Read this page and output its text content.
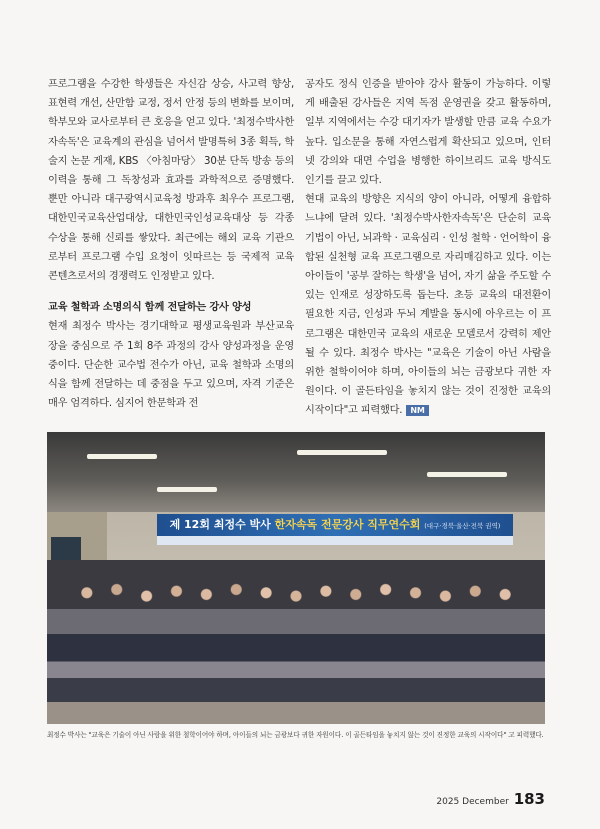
프로그램을 수강한 학생들은 자신감 상승, 사고력 향상, 표현력 개선, 산만함 교정, 정서 안정 등의 변화를 보이며, 학부모와 교사로부터 큰 호응을 얻고 있다. '최정수박사한자속독'은 교육계의 관심을 넘어서 발명특허 3종 획득, 학술지 논문 게재, KBS 〈아침마당〉 30분 단독 방송 등의 이력을 통해 그 독창성과 효과를 과학적으로 증명했다. 뿐만 아니라 대구광역시교육청 방과후 최우수 프로그램, 대한민국교육산업대상, 대한민국인성교육대상 등 각종 수상을 통해 신뢰를 쌓았다. 최근에는 해외 교육 기관으로부터 프로그램 수입 요청이 잇따르는 등 국제적 교육 콘텐츠로서의 경쟁력도 인정받고 있다.

교육 철학과 소명의식 함께 전달하는 강사 양성

현재 최정수 박사는 경기대학교 평생교육원과 부산교육장을 중심으로 주 1회 8주 과정의 강사 양성과정을 운영 중이다. 단순한 교수법 전수가 아닌, 교육 철학과 소명의식을 함께 전달하는 데 중점을 두고 있으며, 자격 기준은 매우 엄격하다. 심지어 한문학과 전

공자도 정식 인증을 받아야 강사 활동이 가능하다. 이렇게 배출된 강사들은 지역 독점 운영권을 갖고 활동하며, 일부 지역에서는 수강 대기자가 발생할 만큼 교육 수요가 높다. 입소문을 통해 자연스럽게 확산되고 있으며, 인터넷 강의와 대면 수업을 병행한 하이브리드 교육 방식도 인기를 끌고 있다.

현대 교육의 방향은 지식의 양이 아니라, 어떻게 융합하느냐에 달려 있다. '최정수박사한자속독'은 단순히 교육 기법이 아닌, 뇌과학 · 교육심리 · 인성 철학 · 언어학이 융합된 실천형 교육 프로그램으로 자리매김하고 있다. 이는 아이들이 '공부 잘하는 학생'을 넘어, 자기 삶을 주도할 수 있는 인재로 성장하도록 돕는다. 초등 교육의 대전환이 필요한 지금, 인성과 두뇌 계발을 동시에 아우르는 이 프로그램은 대한민국 교육의 새로운 모델로서 강력히 제안될 수 있다. 최정수 박사는 "교육은 기술이 아닌 사람을 위한 철학이어야 하며, 아이들의 뇌는 금광보다 귀한 자원이다. 이 골든타임을 놓치지 않는 것이 진정한 교육의 시작이다"고 피력했다. NM

제 12회 최정수 박사 한자속독 전문강사 직무연수회 (대구·경북·울산·전북 권역)
최정수 박사는 "교육은 기술이 아닌 사람을 위한 철학이어야 하며, 아이들의 뇌는 금광보다 귀한 자원이다. 이 골든타임을 놓치지 않는 것이 진정한 교육의 시작이다" 고 피력했다.
2025 December 183
